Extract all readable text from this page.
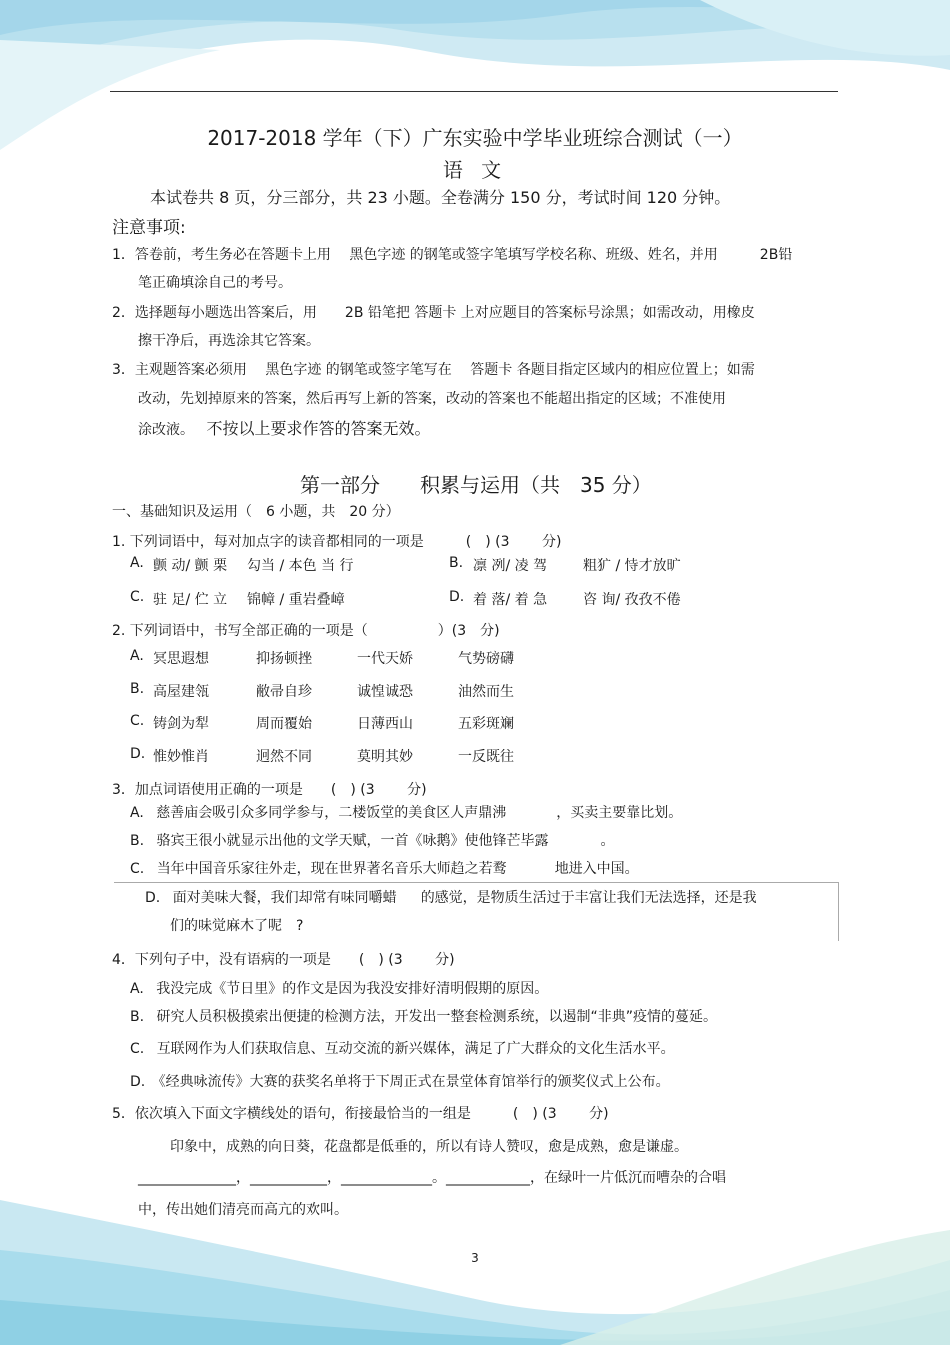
2017-2018 学年（下）广东实验中学毕业班综合测试（一）
语 文
本试卷共 8 页，分三部分，共 23 小题。全卷满分 150 分，考试时间 120 分钟。
注意事项:
1．答卷前，考生务必在答题卡上用　 黑色字迹 的钢笔或签字笔填写学校名称、班级、姓名，并用　　　2B铅
笔正确填涂自己的考号。
2．选择题每小题选出答案后，用　　2B 铅笔把 答题卡 上对应题目的答案标号涂黑；如需改动，用橡皮
擦干净后，再选涂其它答案。
3．主观题答案必须用　 黑色字迹 的钢笔或签字笔写在　 答题卡 各题目指定区域内的相应位置上；如需
改动，先划掉原来的答案，然后再写上新的答案，改动的答案也不能超出指定的区域；不准使用
涂改液。 不按以上要求作答的答案无效。
第一部分　　积累与运用（共　35 分）
一、基础知识及运用（　6 小题，共　20 分）
1. 下列词语中，每对加点字的读音都相同的一项是　　　(　) (3　　 分)
A. 颤 动/ 颤 栗 勾当 / 本色 当 行	B. 凛 冽/ 凌 驾	粗犷 / 恃才放旷
C. 驻 足/ 伫 立 锦幛 / 重岩叠嶂	D. 着 落/ 着 急	咨 询/ 孜孜不倦
2. 下列词语中，书写全部正确的一项是（　　　　　）(3　分)
A. 冥思遐想	抑扬顿挫	一代天娇	气势磅礴
B. 高屋建瓴	敝帚自珍	诚惶诚恐	油然而生
C. 铸剑为犁	周而覆始	日薄西山	五彩斑斓
D. 惟妙惟肖	迥然不同	莫明其妙	一反既往
3．加点词语使用正确的一项是　　(　) (3　　 分)
A. 慈善庙会吸引众多同学参与，二楼饭堂的美食区人声鼎沸	，买卖主要靠比划。
B. 骆宾王很小就显示出他的文学天赋，一首《咏鹅》使他锋芒毕露	。
C. 当年中国音乐家往外走，现在世界著名音乐大师趋之若鹜	地进入中国。
D. 面对美味大餐，我们却常有味同嚼蜡 的感觉，是物质生活过于丰富让我们无法选择，还是我
们的味觉麻木了呢　?
4．下列句子中，没有语病的一项是　　(　) (3　　 分)
A. 我没完成《节日里》的作文是因为我没安排好清明假期的原因。
B. 研究人员积极摸索出便捷的检测方法，开发出一整套检测系统，以遏制“非典”疫情的蔓延。
C. 互联网作为人们获取信息、互动交流的新兴媒体，满足了广大群众的文化生活水平。
D. 《经典咏流传》大赛的获奖名单将于下周正式在景堂体育馆举行的颁奖仪式上公布。
5．依次填入下面文字横线处的语句，衔接最恰当的一组是　　　(　) (3　　 分)
印象中，成熟的向日葵，花盘都是低垂的，所以有诗人赞叹，愈是成熟，愈是谦虚。
______________，___________，_____________。____________，在绿叶一片低沉而嘈杂的合唱
中，传出她们清亮而高亢的欢叫。
3
